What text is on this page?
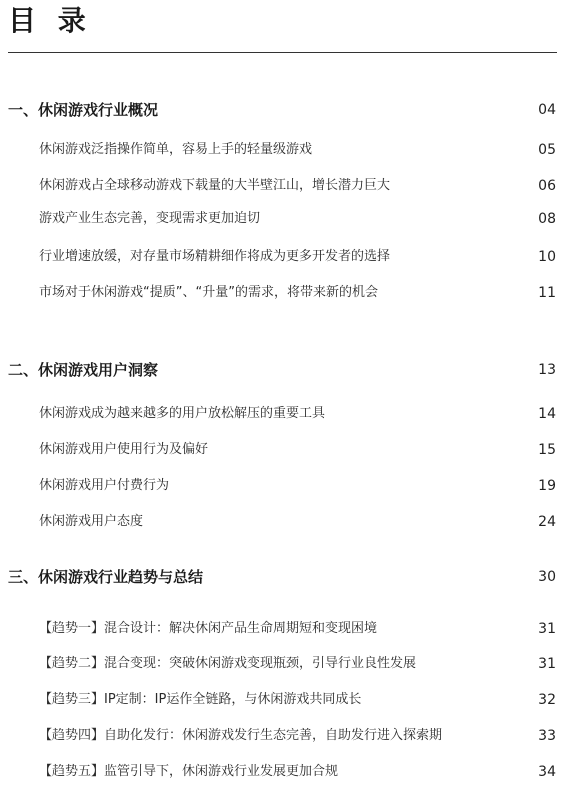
目 录
一、休闲游戏行业概况	04
休闲游戏泛指操作简单，容易上手的轻量级游戏	05
休闲游戏占全球移动游戏下载量的大半壁江山，增长潜力巨大	06
游戏产业生态完善，变现需求更加迫切	08
行业增速放缓，对存量市场精耕细作将成为更多开发者的选择	10
市场对于休闲游戏“提质”、“升量”的需求，将带来新的机会	11
二、休闲游戏用户洞察	13
休闲游戏成为越来越多的用户放松解压的重要工具	14
休闲游戏用户使用行为及偏好	15
休闲游戏用户付费行为	19
休闲游戏用户态度	24
三、休闲游戏行业趋势与总结	30
【趋势一】混合设计：解决休闲产品生命周期短和变现困境	31
【趋势二】混合变现：突破休闲游戏变现瓶颈，引导行业良性发展	31
【趋势三】IP定制：IP运作全链路，与休闲游戏共同成长	32
【趋势四】自助化发行：休闲游戏发行生态完善，自助发行进入探索期	33
【趋势五】监管引导下，休闲游戏行业发展更加合规	34
